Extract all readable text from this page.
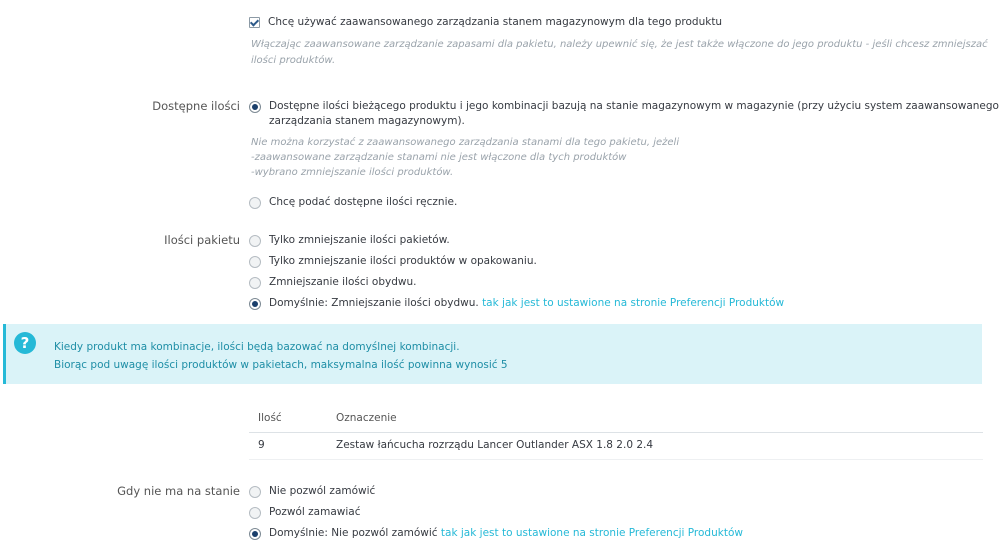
Chcę używać zaawansowanego zarządzania stanem magazynowym dla tego produktu
Włączając zaawansowane zarządzanie zapasami dla pakietu, należy upewnić się, że jest także włączone do jego produktu - jeśli chcesz zmniejszać
ilości produktów.
Dostępne ilości	Dostępne ilości bieżącego produktu i jego kombinacji bazują na stanie magazynowym w magazynie (przy użyciu system zaawansowanego
zarządzania stanem magazynowym).
Nie można korzystać z zaawansowanego zarządzania stanami dla tego pakietu, jeżeli
-zaawansowane zarządzanie stanami nie jest włączone dla tych produktów
-wybrano zmniejszanie ilości produktów.
Chcę podać dostępne ilości ręcznie.
Ilości pakietu	Tylko zmniejszanie ilości pakietów.
Tylko zmniejszanie ilości produktów w opakowaniu.
Zmniejszanie ilości obydwu.
Domyślnie: Zmniejszanie ilości obydwu. tak jak jest to ustawione na stronie Preferencji Produktów
?	Kiedy produkt ma kombinacje, ilości będą bazować na domyślnej kombinacji.
Biorąc pod uwagę ilości produktów w pakietach, maksymalna ilość powinna wynosić 5
Ilość	Oznaczenie
9	Zestaw łańcucha rozrządu Lancer Outlander ASX 1.8 2.0 2.4
Gdy nie ma na stanie	Nie pozwól zamówić
Pozwól zamawiać
Domyślnie: Nie pozwól zamówić tak jak jest to ustawione na stronie Preferencji Produktów
